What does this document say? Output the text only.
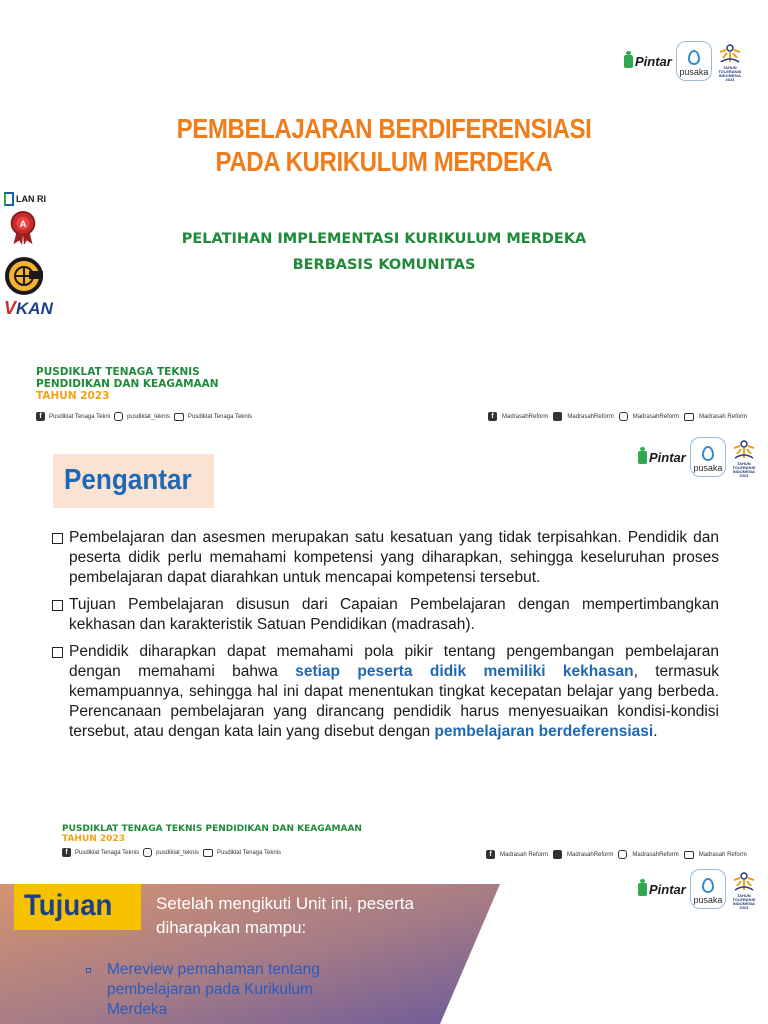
Pintar
pusaka	TAHUN TOLERANSI INDONESIA 2023
PEMBELAJARAN BERDIFERENSIASI
PADA KURIKULUM MERDEKA
PELATIHAN IMPLEMENTASI KURIKULUM MERDEKA
BERBASIS KOMUNITAS
LAN RI
A
V KAN
PUSDIKLAT TENAGA TEKNIS
PENDIDIKAN DAN KEAGAMAAN
TAHUN 2023
f	Pusdiklat Tenaga Tekni	pusdiklat_teknis	Pusdiklat Tenaga Teknis	f	MadrasahReform	MadrasahReform	MadrasahReform	Madrasah Reform
Pintar
pusaka	TAHUN TOLERANSI INDONESIA 2023
Pengantar
Pembelajaran dan asesmen merupakan satu kesatuan yang tidak terpisahkan. Pendidik dan peserta didik perlu memahami kompetensi yang diharapkan, sehingga keseluruhan proses pembelajaran dapat diarahkan untuk mencapai kompetensi tersebut.
Tujuan Pembelajaran disusun dari Capaian Pembelajaran dengan mempertimbangkan kekhasan dan karakteristik Satuan Pendidikan (madrasah).
Pendidik diharapkan dapat memahami pola pikir tentang pengembangan pembelajaran dengan memahami bahwa setiap peserta didik memiliki kekhasan, termasuk kemampuannya, sehingga hal ini dapat menentukan tingkat kecepatan belajar yang berbeda. Perencanaan pembelajaran yang dirancang pendidik harus menyesuaikan kondisi-kondisi tersebut, atau dengan kata lain yang disebut dengan pembelajaran berdeferensiasi.
PUSDIKLAT TENAGA TEKNIS PENDIDIKAN DAN KEAGAMAAN
TAHUN 2023
f	Pusdiklat Tenaga Teknis	pusdiklat_teknis	Pusdiklat Tenaga Teknis	f	Madrasah Reform	MadrasahReform	MadrasahReform	Madrasah Reform
Tujuan	Setelah mengikuti Unit ini, peserta diharapkan mampu:
Mereview pemahaman tentang pembelajaran pada Kurikulum Merdeka
Pintar
pusaka	TAHUN TOLERANSI INDONESIA 2023
